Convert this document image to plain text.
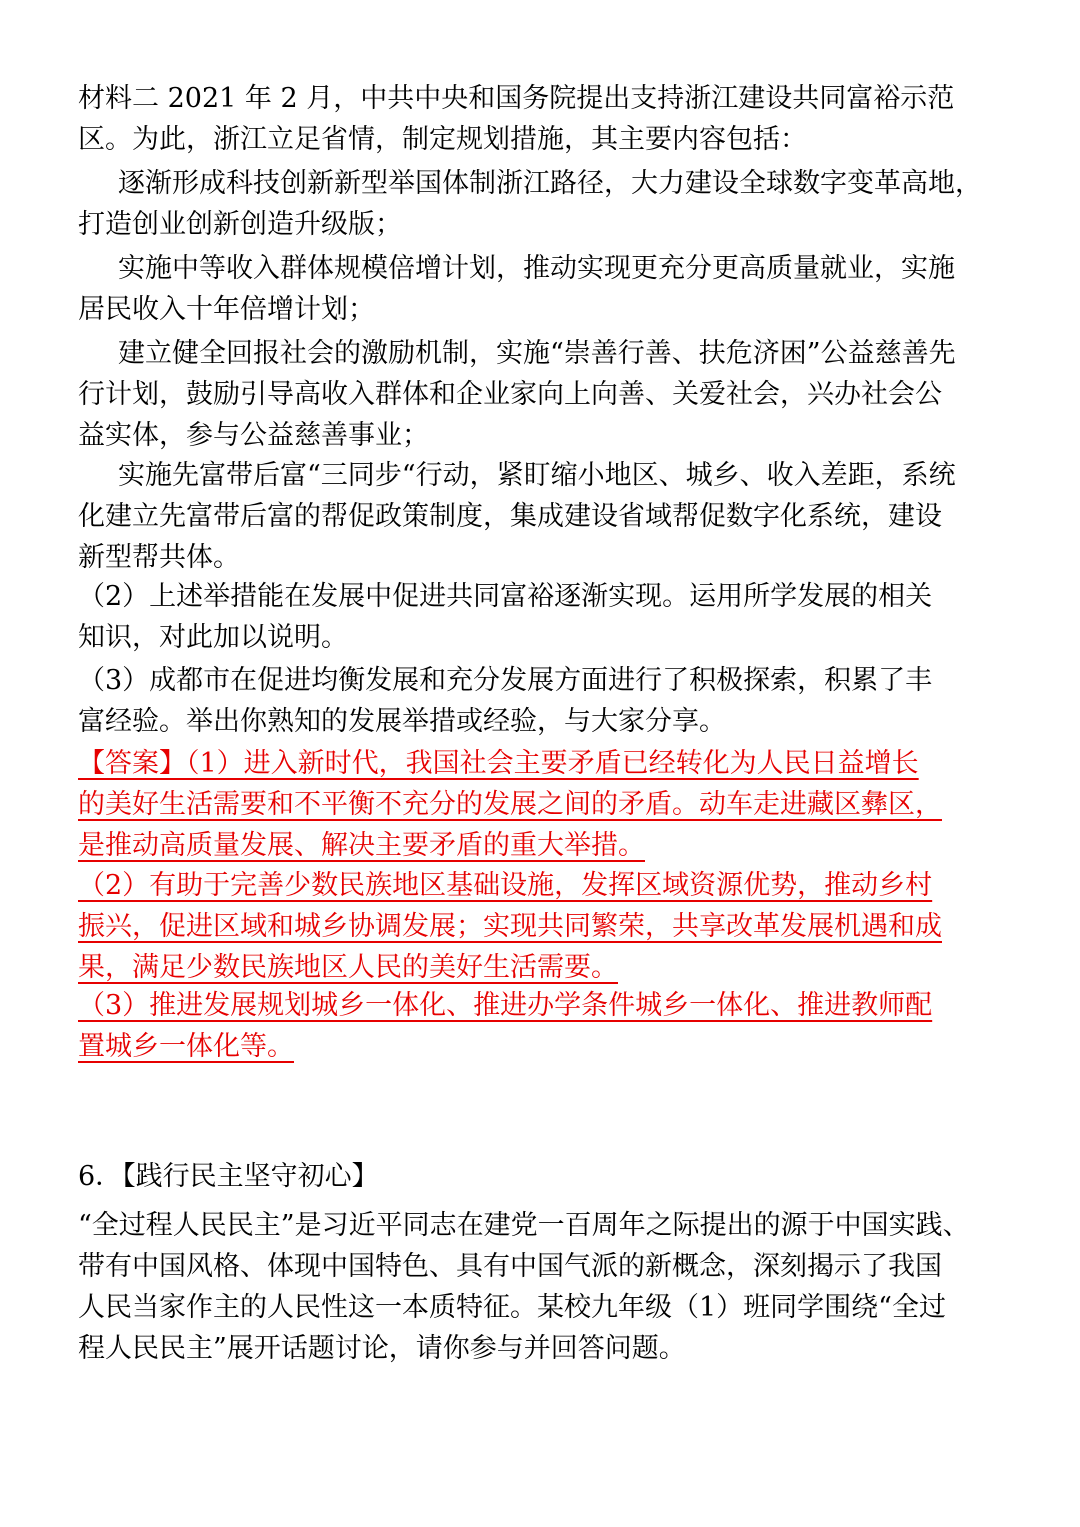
材料二 2021 年 2 月，中共中央和国务院提出支持浙江建设共同富裕示范
区。为此，浙江立足省情，制定规划措施，其主要内容包括：

逐渐形成科技创新新型举国体制浙江路径，大力建设全球数字变革高地，
打造创业创新创造升级版；

实施中等收入群体规模倍增计划，推动实现更充分更高质量就业，实施
居民收入十年倍增计划；

建立健全回报社会的激励机制，实施“崇善行善、扶危济困”公益慈善先
行计划，鼓励引导高收入群体和企业家向上向善、关爱社会，兴办社会公
益实体，参与公益慈善事业；

实施先富带后富“三同步“行动，紧盯缩小地区、城乡、收入差距，系统
化建立先富带后富的帮促政策制度，集成建设省域帮促数字化系统，建设
新型帮共体。

（2）上述举措能在发展中促进共同富裕逐渐实现。运用所学发展的相关
知识，对此加以说明。

（3）成都市在促进均衡发展和充分发展方面进行了积极探索，积累了丰
富经验。举出你熟知的发展举措或经验，与大家分享。

【答案】（1）进入新时代，我国社会主要矛盾已经转化为人民日益增长
的美好生活需要和不平衡不充分的发展之间的矛盾。动车走进藏区彝区，
是推动高质量发展、解决主要矛盾的重大举措。

（2）有助于完善少数民族地区基础设施，发挥区域资源优势，推动乡村
振兴，促进区域和城乡协调发展；实现共同繁荣，共享改革发展机遇和成
果，满足少数民族地区人民的美好生活需要。

（3）推进发展规划城乡一体化、推进办学条件城乡一体化、推进教师配
置城乡一体化等。

6．【践行民主坚守初心】

“全过程人民民主”是习近平同志在建党一百周年之际提出的源于中国实践、
带有中国风格、体现中国特色、具有中国气派的新概念，深刻揭示了我国
人民当家作主的人民性这一本质特征。某校九年级（1）班同学围绕“全过
程人民民主”展开话题讨论，请你参与并回答问题。
